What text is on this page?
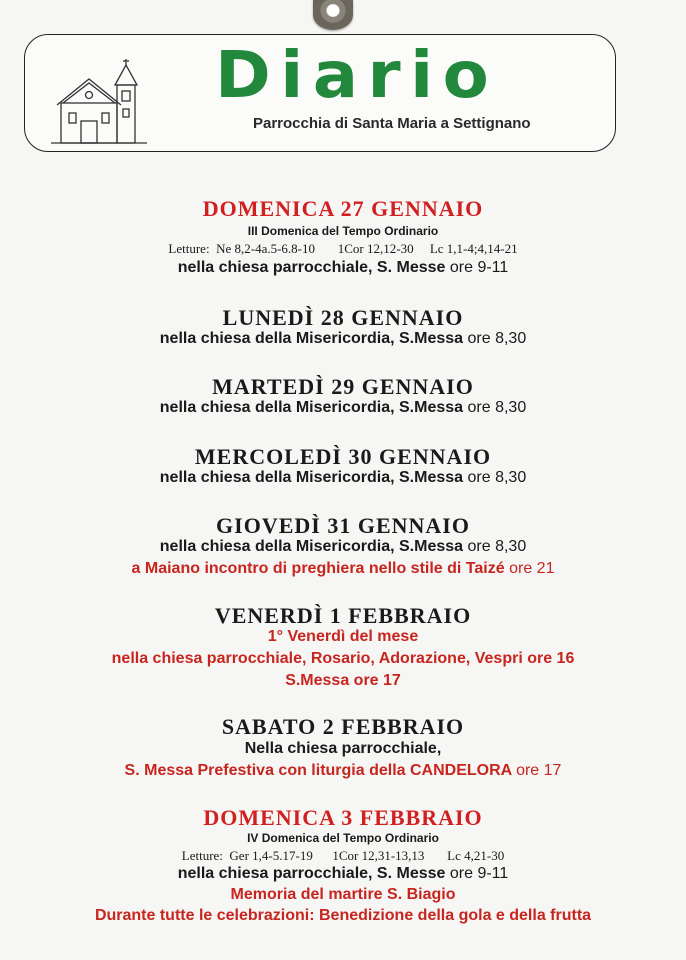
Diario
Parrocchia di Santa Maria a Settignano
DOMENICA 27 GENNAIO
III Domenica del Tempo Ordinario
Letture: Ne 8,2-4a.5-6.8-10 1Cor 12,12-30 Lc 1,1-4;4,14-21
nella chiesa parrocchiale, S. Messe ore 9-11
LUNEDÌ 28 GENNAIO
nella chiesa della Misericordia, S.Messa ore 8,30
MARTEDÌ 29 GENNAIO
nella chiesa della Misericordia, S.Messa ore 8,30
MERCOLEDÌ 30 GENNAIO
nella chiesa della Misericordia, S.Messa ore 8,30
GIOVEDÌ 31 GENNAIO
nella chiesa della Misericordia, S.Messa ore 8,30
a Maiano incontro di preghiera nello stile di Taizé ore 21
VENERDÌ 1 FEBBRAIO
1° Venerdì del mese
nella chiesa parrocchiale, Rosario, Adorazione, Vespri ore 16
S.Messa ore 17
SABATO 2 FEBBRAIO
Nella chiesa parrocchiale,
S. Messa Prefestiva con liturgia della CANDELORA ore 17
DOMENICA 3 FEBBRAIO
IV Domenica del Tempo Ordinario
Letture: Ger 1,4-5.17-19 1Cor 12,31-13,13 Lc 4,21-30
nella chiesa parrocchiale, S. Messe ore 9-11
Memoria del martire S. Biagio
Durante tutte le celebrazioni: Benedizione della gola e della frutta
